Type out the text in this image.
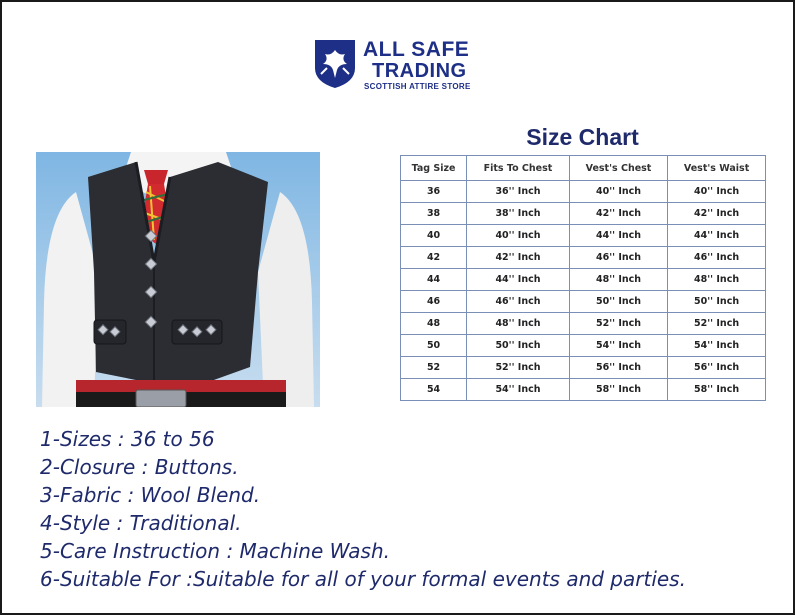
ALL SAFE
TRADING
SCOTTISH ATTIRE STORE
Size Chart
Tag Size	Fits To Chest	Vest's Chest	Vest's Waist
36	36'' Inch	40'' Inch	40'' Inch
38	38'' Inch	42'' Inch	42'' Inch
40	40'' Inch	44'' Inch	44'' Inch
42	42'' Inch	46'' Inch	46'' Inch
44	44'' Inch	48'' Inch	48'' Inch
46	46'' Inch	50'' Inch	50'' Inch
48	48'' Inch	52'' Inch	52'' Inch
50	50'' Inch	54'' Inch	54'' Inch
52	52'' Inch	56'' Inch	56'' Inch
54	54'' Inch	58'' Inch	58'' Inch
1-Sizes : 36 to 56
2-Closure : Buttons.
3-Fabric : Wool Blend.
4-Style : Traditional.
5-Care Instruction : Machine Wash.
6-Suitable For :Suitable for all of your formal events and parties.
